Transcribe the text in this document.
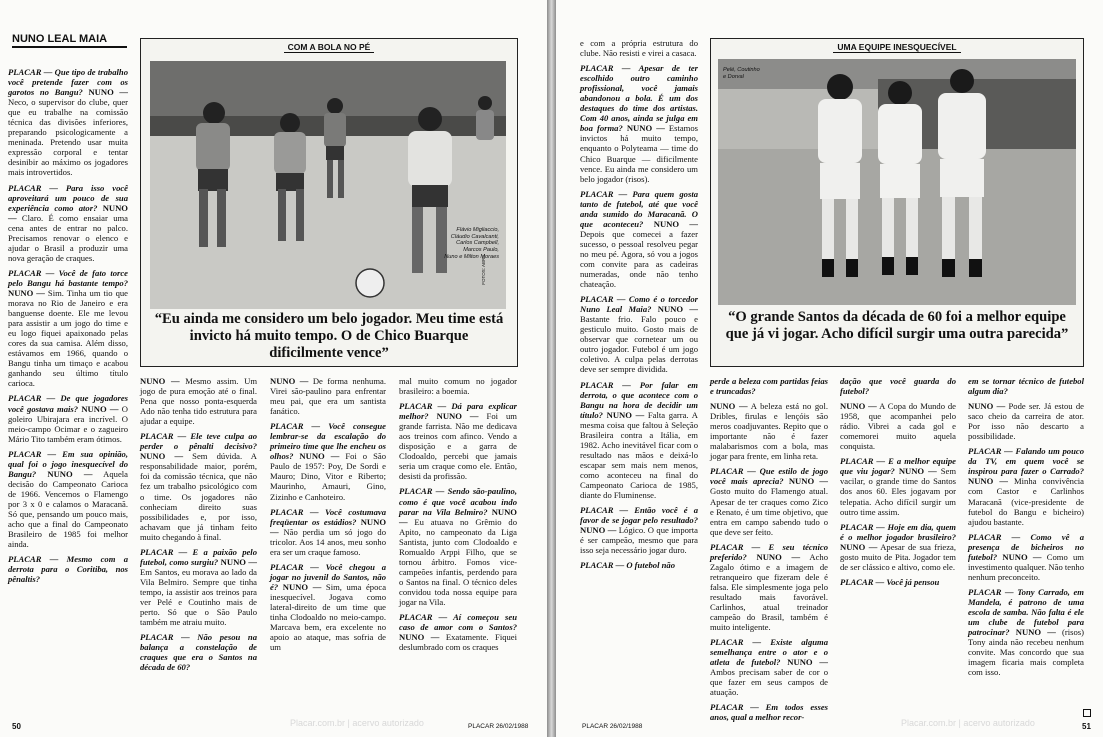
NUNO LEAL MAIA
COM A BOLA NO PÉ
Flávio Migliaccio,
Cláudio Cavalcanti,
Carlos Campbell,
Marcos Paulo,
Nuno e Milton Moraes
FOTOS: ABRIL
“Eu ainda me considero um belo jogador. Meu time está invicto há muito tempo. O de Chico Buarque dificilmente vence”

PLACAR — Que tipo de trabalho você pretende fazer com os garotos no Bangu? NUNO — Neco, o supervisor do clube, quer que eu trabalhe na comissão técnica das divisões inferiores, preparando psicologicamente a meninada. Pretendo usar muita expressão corporal e tentar desinibir ao máximo os jogadores mais introvertidos.

PLACAR — Para isso você aproveitará um pouco de sua experiência como ator? NUNO — Claro. É como ensaiar uma cena antes de entrar no palco. Precisamos renovar o elenco e ajudar o Brasil a produzir uma nova geração de craques.

PLACAR — Você de fato torce pelo Bangu há bastante tempo? NUNO — Sim. Tinha um tio que morava no Rio de Janeiro e era banguense doente. Ele me levou para assistir a um jogo do time e eu logo fiquei apaixonado pelas cores da sua camisa. Além disso, estávamos em 1966, quando o Bangu tinha um timaço e acabou ganhando seu último título carioca.

PLACAR — De que jogadores você gostava mais? NUNO — O goleiro Ubirajara era incrível. O meio-campo Ocimar e o zagueiro Mário Tito também eram ótimos.

PLACAR — Em sua opinião, qual foi o jogo inesquecível do Bangu? NUNO — Aquela decisão do Campeonato Carioca de 1966. Vencemos o Flamengo por 3 x 0 e calamos o Maracanã. Só que, pensando um pouco mais, acho que a final do Campeonato Brasileiro de 1985 foi melhor ainda.

PLACAR — Mesmo com a derrota para o Coritiba, nos pênaltis?

NUNO — Mesmo assim. Um jogo de pura emoção até o final. Pena que nosso ponta-esquerda Ado não tenha tido estrutura para ajudar a equipe.

PLACAR — Ele teve culpa ao perder o pênalti decisivo? NUNO — Sem dúvida. A responsabilidade maior, porém, foi da comissão técnica, que não fez um trabalho psicológico com o time. Os jogadores não conheciam direito suas possibilidades e, por isso, achavam que já tinham feito muito chegando à final.

PLACAR — E a paixão pelo futebol, como surgiu? NUNO — Em Santos, eu morava ao lado da Vila Belmiro. Sempre que tinha tempo, ia assistir aos treinos para ver Pelé e Coutinho mais de perto. Só que o São Paulo também me atraiu muito.

PLACAR — Não pesou na balança a constelação de craques que era o Santos na década de 60?

NUNO — De forma nenhuma. Virei são-paulino para enfrentar meu pai, que era um santista fanático.

PLACAR — Você consegue lembrar-se da escalação do primeiro time que lhe encheu os olhos? NUNO — Foi o São Paulo de 1957: Poy, De Sordi e Mauro; Dino, Vitor e Riberto; Maurinho, Amauri, Gino, Zizinho e Canhoteiro.

PLACAR — Você costumava freqüentar os estádios? NUNO — Não perdia um só jogo do tricolor. Aos 14 anos, meu sonho era ser um craque famoso.

PLACAR — Você chegou a jogar no juvenil do Santos, não é? NUNO — Sim, uma época inesquecível. Jogava como lateral-direito de um time que tinha Clodoaldo no meio-campo. Marcava bem, era excelente no apoio ao ataque, mas sofria de um

mal muito comum no jogador brasileiro: a boemia.

PLACAR — Dá para explicar melhor? NUNO — Foi um grande farrista. Não me dedicava aos treinos com afinco. Vendo a disposição e a garra de Clodoaldo, percebi que jamais seria um craque como ele. Então, desisti da profissão.

PLACAR — Sendo são-paulino, como é que você acabou indo parar na Vila Belmiro? NUNO — Eu atuava no Grêmio do Apito, no campeonato da Liga Santista, junto com Clodoaldo e Romualdo Arppi Filho, que se tornou árbitro. Fomos vice-campeões infantis, perdendo para o Santos na final. O técnico deles convidou toda nossa equipe para jogar na Vila.

PLACAR — Aí começou seu caso de amor com o Santos? NUNO — Exatamente. Fiquei deslumbrado com os craques

50	Placar.com.br | acervo autorizado	PLACAR 26/02/1988

e com a própria estrutura do clube. Não resisti e virei a casaca.

PLACAR — Apesar de ter escolhido outro caminho profissional, você jamais abandonou a bola. É um dos destaques do time dos artistas. Com 40 anos, ainda se julga em boa forma? NUNO — Estamos invictos há muito tempo, enquanto o Polyteama — time do Chico Buarque — dificilmente vence. Eu ainda me considero um belo jogador (risos).

PLACAR — Para quem gosta tanto de futebol, até que você anda sumido do Maracanã. O que aconteceu? NUNO — Depois que comecei a fazer sucesso, o pessoal resolveu pegar no meu pé. Agora, só vou a jogos com convite para as cadeiras numeradas, onde não tenho chateação.

PLACAR — Como é o torcedor Nuno Leal Maia? NUNO — Bastante frio. Falo pouco e gesticulo muito. Gosto mais de observar que cornetear um ou outro jogador. Futebol é um jogo coletivo. A culpa pelas derrotas deve ser sempre dividida.

PLACAR — Por falar em derrota, o que acontece com o Bangu na hora de decidir um título? NUNO — Falta garra. A mesma coisa que faltou à Seleção Brasileira contra a Itália, em 1982. Acho inevitável ficar com o resultado nas mãos e deixá-lo escapar sem mais nem menos, como aconteceu na final do Campeonato Carioca de 1985, diante do Fluminense.

PLACAR — Então você é a favor de se jogar pelo resultado? NUNO — Lógico. O que importa é ser campeão, mesmo que para isso seja necessário jogar duro.

PLACAR — O futebol não

UMA EQUIPE INESQUECÍVEL
Pelé, Coutinho
e Dorval
“O grande Santos da década de 60 foi a melhor equipe que já vi jogar. Acho difícil surgir uma outra parecida”

perde a beleza com partidas feias e truncadas?

NUNO — A beleza está no gol. Dribles, firulas e lençóis são meros coadjuvantes. Repito que o importante não é fazer malabarismos com a bola, mas jogar para frente, em linha reta.

PLACAR — Que estilo de jogo você mais aprecia? NUNO — Gosto muito do Flamengo atual. Apesar de ter craques como Zico e Renato, é um time objetivo, que entra em campo sabendo tudo o que deve ser feito.

PLACAR — E seu técnico preferido? NUNO — Acho Zagalo ótimo e a imagem de retranqueiro que fizeram dele é falsa. Ele simplesmente joga pelo resultado mais favorável. Carlinhos, atual treinador campeão do Brasil, também é muito inteligente.

PLACAR — Existe alguma semelhança entre o ator e o atleta de futebol? NUNO — Ambos precisam saber de cor o que fazer em seus campos de atuação.

PLACAR — Em todos esses anos, qual a melhor recor-

dação que você guarda do futebol?

NUNO — A Copa do Mundo de 1958, que acompanhei pelo rádio. Vibrei a cada gol e comemorei muito aquela conquista.

PLACAR — E a melhor equipe que viu jogar? NUNO — Sem vacilar, o grande time do Santos dos anos 60. Eles jogavam por telepatia. Acho difícil surgir um outro time assim.

PLACAR — Hoje em dia, quem é o melhor jogador brasileiro? NUNO — Apesar de sua frieza, gosto muito de Pita. Jogador tem de ser clássico e altivo, como ele.

PLACAR — Você já pensou

em se tornar técnico de futebol algum dia?

NUNO — Pode ser. Já estou de saco cheio da carreira de ator. Por isso não descarto a possibilidade.

PLACAR — Falando um pouco da TV, em quem você se inspirou para fazer o Carrado? NUNO — Minha convivência com Castor e Carlinhos Maracanã (vice-presidente de futebol do Bangu e bicheiro) ajudou bastante.

PLACAR — Como vê a presença de bicheiros no futebol? NUNO — Como um investimento qualquer. Não tenho nenhum preconceito.

PLACAR — Tony Carrado, em Mandela, é patrono de uma escola de samba. Não falta é ele um clube de futebol para patrocinar? NUNO — (risos) Tony ainda não recebeu nenhum convite. Mas concordo que sua imagem ficaria mais completa com isso.

PLACAR 26/02/1988	Placar.com.br | acervo autorizado	51
